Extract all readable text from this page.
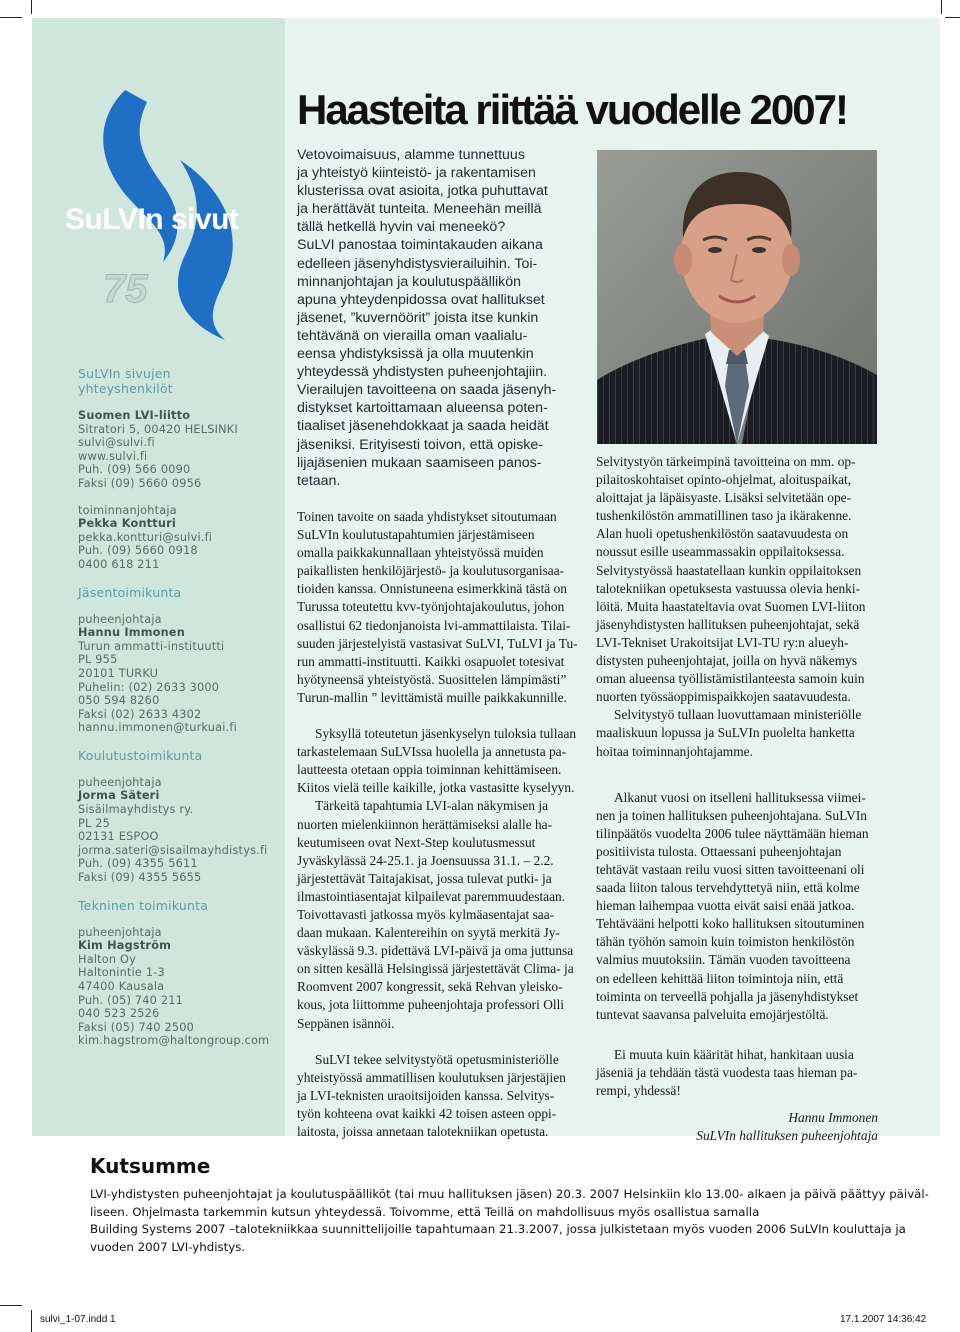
75
SuLVIn sivut
SuLVIn sivujen
yhteyshenkilöt
Suomen LVI-liitto
Sitratori 5, 00420 HELSINKI
sulvi@sulvi.fi
www.sulvi.fi
Puh. (09) 566 0090
Faksi (09) 5660 0956
toiminnanjohtaja
Pekka Kontturi
pekka.kontturi@sulvi.fi
Puh. (09) 5660 0918
0400 618 211
Jäsentoimikunta
puheenjohtaja
Hannu Immonen
Turun ammatti-instituutti
PL 955
20101 TURKU
Puhelin: (02) 2633 3000
050 594 8260
Faksi (02) 2633 4302
hannu.immonen@turkuai.fi
Koulutustoimikunta
puheenjohtaja
Jorma Säteri
Sisäilmayhdistys ry.
PL 25
02131 ESPOO
jorma.sateri@sisailmayhdistys.fi
Puh. (09) 4355 5611
Faksi (09) 4355 5655
Tekninen toimikunta
puheenjohtaja
Kim Hagström
Halton Oy
Haltonintie 1-3
47400 Kausala
Puh. (05) 740 211
040 523 2526
Faksi (05) 740 2500
kim.hagstrom@haltongroup.com
Haasteita riittää vuodelle 2007!
Vetovoimaisuus, alamme tunnettuus
ja yhteistyö kiinteistö- ja rakentamisen
klusterissa ovat asioita, jotka puhuttavat
ja herättävät tunteita. Meneehän meillä
tällä hetkellä hyvin vai meneekö?
SuLVI panostaa toimintakauden aikana
edelleen jäsenyhdistysvierailuihin. Toi-
minnanjohtajan ja koulutuspäällikön
apuna yhteydenpidossa ovat hallitukset
jäsenet, ”kuvernöörit” joista itse kunkin
tehtävänä on vierailla oman vaalialu-
eensa yhdistyksissä ja olla muutenkin
yhteydessä yhdistysten puheenjohtajiin.
Vierailujen tavoitteena on saada jäsenyh-
distykset kartoittamaan alueensa poten-
tiaaliset jäsenehdokkaat ja saada heidät
jäseniksi. Erityisesti toivon, että opiske-
lijajäsenien mukaan saamiseen panos-
tetaan.
Toinen tavoite on saada yhdistykset sitoutumaan
SuLVIn koulutustapahtumien järjestämiseen
omalla paikkakunnallaan yhteistyössä muiden
paikallisten henkilöjärjestö- ja koulutusorganisaa-
tioiden kanssa. Onnistuneena esimerkkinä tästä on
Turussa toteutettu kvv-työnjohtajakoulutus, johon
osallistui 62 tiedonjanoista lvi-ammattilaista. Tilai-
suuden järjestelyistä vastasivat SuLVI, TuLVI ja Tu-
run ammatti-instituutti. Kaikki osapuolet totesivat
hyötyneensä yhteistyöstä. Suosittelen lämpimästi”
Turun-mallin ” levittämistä muille paikkakunnille.
Syksyllä toteutetun jäsenkyselyn tuloksia tullaan
tarkastelemaan SuLVIssa huolella ja annetusta pa-
lautteesta otetaan oppia toiminnan kehittämiseen.
Kiitos vielä teille kaikille, jotka vastasitte kyselyyn.
Tärkeitä tapahtumia LVI-alan näkymisen ja
nuorten mielenkiinnon herättämiseksi alalle ha-
keutumiseen ovat Next-Step koulutusmessut
Jyväskylässä 24-25.1. ja Joensuussa 31.1. – 2.2.
järjestettävät Taitajakisat, jossa tulevat putki- ja
ilmastointiasentajat kilpailevat paremmuudestaan.
Toivottavasti jatkossa myös kylmäasentajat saa-
daan mukaan. Kalentereihin on syytä merkitä Jy-
väskylässä 9.3. pidettävä LVI-päivä ja oma juttunsa
on sitten kesällä Helsingissä järjestettävät Clima- ja
Roomvent 2007 kongressit, sekä Rehvan yleisko-
kous, jota liittomme puheenjohtaja professori Olli
Seppänen isännöi.
SuLVI tekee selvitystyötä opetusministeriölle
yhteistyössä ammatillisen koulutuksen järjestäjien
ja LVI-teknisten uraoitsijoiden kanssa. Selvitys-
työn kohteena ovat kaikki 42 toisen asteen oppi-
laitosta, joissa annetaan talotekniikan opetusta.
Selvitystyön tärkeimpinä tavoitteina on mm. op-
pilaitoskohtaiset opinto-ohjelmat, aloituspaikat,
aloittajat ja läpäisyaste. Lisäksi selvitetään ope-
tushenkilöstön ammatillinen taso ja ikärakenne.
Alan huoli opetushenkilöstön saatavuudesta on
noussut esille useammassakin oppilaitoksessa.
Selvitystyössä haastatellaan kunkin oppilaitoksen
talotekniikan opetuksesta vastuussa olevia henki-
löitä. Muita haastateltavia ovat Suomen LVI-liiton
jäsenyhdistysten hallituksen puheenjohtajat, sekä
LVI-Tekniset Urakoitsijat LVI-TU ry:n alueyh-
distysten puheenjohtajat, joilla on hyvä näkemys
oman alueensa työllistämistilanteesta samoin kuin
nuorten työssäoppimispaikkojen saatavuudesta.
Selvitystyö tullaan luovuttamaan ministeriölle
maaliskuun lopussa ja SuLVIn puolelta hanketta
hoitaa toiminnanjohtajamme.
Alkanut vuosi on itselleni hallituksessa viimei-
nen ja toinen hallituksen puheenjohtajana. SuLVIn
tilinpäätös vuodelta 2006 tulee näyttämään hieman
positiivista tulosta. Ottaessani puheenjohtajan
tehtävät vastaan reilu vuosi sitten tavoitteenani oli
saada liiton talous tervehdyttetyä niin, että kolme
hieman laihempaa vuotta eivät saisi enää jatkoa.
Tehtävääni helpotti koko hallituksen sitoutuminen
tähän työhön samoin kuin toimiston henkilöstön
valmius muutoksiin. Tämän vuoden tavoitteena
on edelleen kehittää liiton toimintoja niin, että
toiminta on terveellä pohjalla ja jäsenyhdistykset
tuntevat saavansa palveluita emojärjestöltä.
Ei muuta kuin käärität hihat, hankitaan uusia
jäseniä ja tehdään tästä vuodesta taas hieman pa-
rempi, yhdessä!
Hannu Immonen
SuLVIn hallituksen puheenjohtaja
Kutsumme
LVI-yhdistysten puheenjohtajat ja koulutuspäälliköt (tai muu hallituksen jäsen) 20.3. 2007 Helsinkiin klo 13.00- alkaen ja päivä päättyy päiväl-
liseen. Ohjelmasta tarkemmin kutsun yhteydessä. Toivomme, että Teillä on mahdollisuus myös osallistua samalla
Building Systems 2007 –talotekniikkaa suunnittelijoille tapahtumaan 21.3.2007, jossa julkistetaan myös vuoden 2006 SuLVIn kouluttaja ja
vuoden 2007 LVI-yhdistys.
sulvi_1-07.indd 1	17.1.2007 14:36:42
